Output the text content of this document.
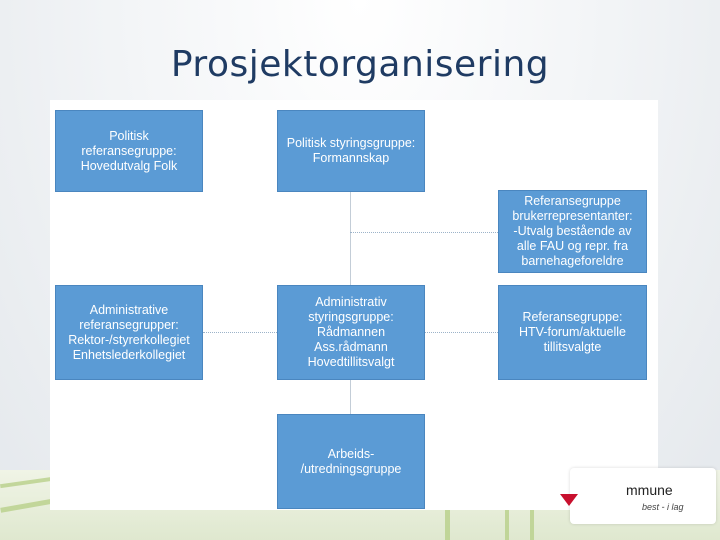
Prosjektorganisering
Politisk
referansegruppe:
Hovedutvalg Folk
Politisk styringsgruppe:
Formannskap
Referansegruppe
brukerrepresentanter:
-Utvalg bestående av
alle FAU og repr. fra
barnehageforeldre
Administrative
referansegrupper:
Rektor-/styrerkollegiet
Enhetslederkollegiet
Administrativ
styringsgruppe:
Rådmannen
Ass.rådmann
Hovedtillitsvalgt
Referansegruppe:
HTV-forum/aktuelle
tillitsvalgte
Arbeids-
/utredningsgruppe
mmune
best - i lag
